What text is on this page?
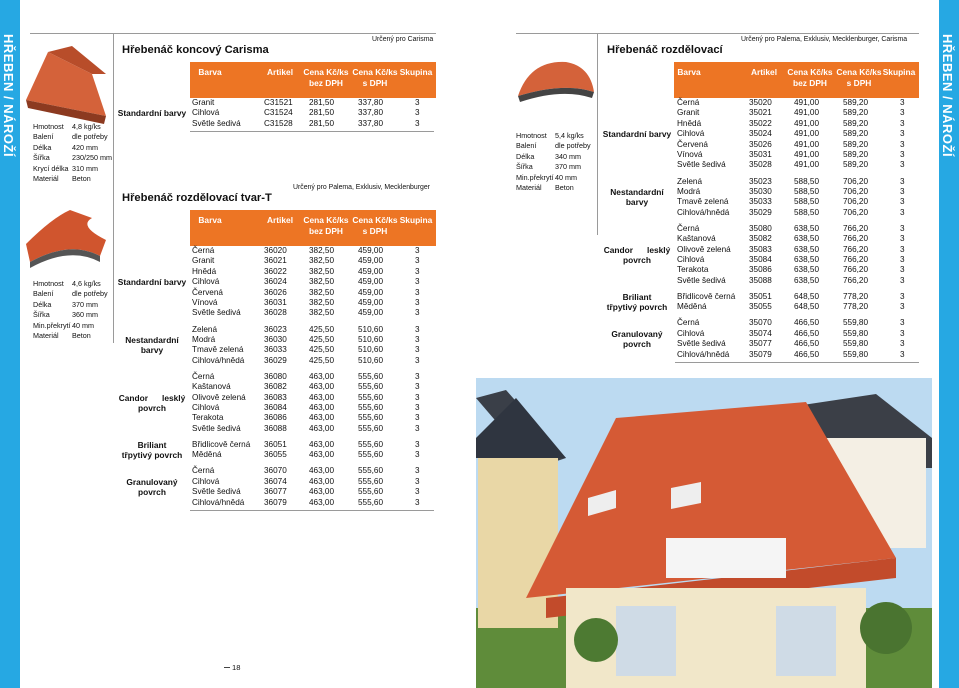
HŘEBEN / NÁROŽÍ	HŘEBEN / NÁROŽÍ
Hmotnost	4,8 kg/ks
Balení	dle potřeby
Délka	420 mm
Šířka	230/250 mm
Krycí délka 310 mm
Materiál	Beton
Hmotnost	4,6 kg/ks
Balení	dle potřeby
Délka	370 mm
Šířka	360 mm
Min.překrytí 40 mm
Materiál	Beton
Hmotnost	5,4 kg/ks
Balení	dle potřeby
Délka	340 mm
Šířka	370 mm
Min.překrytí 40 mm
Materiál	Beton
Určený pro Carisma
Hřebenáč koncový Carisma
Určený pro Palema, Exklusiv, Mecklenburger
Hřebenáč rozdělovací tvar-T
Určený pro Palema, Exklusiv, Mecklenburger, Carisma
Hřebenáč rozdělovací
Barva	Artikel	Cena Kč/ks
bez DPH
Cena Kč/ks
s DPH
Skupina
Barva	Artikel	Cena Kč/ks
bez DPH
Cena Kč/ks
s DPH
Skupina
Barva	Artikel	Cena Kč/ks
bez DPH
Cena Kč/ks
s DPH
Skupina
Granit	C31521 281,50	337,80	3
Cihlová	C31524 281,50	337,80	3
Světle šedivá	C31528 281,50	337,80	3
Černá	36020	382,50	459,00	3
Granit	36021	382,50	459,00	3
Hnědá	36022	382,50	459,00	3
Cihlová	36024	382,50	459,00	3
Červená	36026	382,50	459,00	3
Vínová	36031	382,50	459,00	3
Světle šedivá	36028	382,50	459,00	3
Zelená	36023	425,50	510,60	3
Modrá	36030	425,50	510,60	3
Tmavě zelená	36033	425,50	510,60	3
Cihlová/hnědá 36029	425,50	510,60	3
Černá	36080	463,00	555,60	3
Kaštanová	36082	463,00	555,60	3
Olivově zelená 36083	463,00	555,60	3
Cihlová	36084	463,00	555,60	3
Terakota	36086	463,00	555,60	3
Světle šedivá	36088	463,00	555,60	3
Břidlicově černá 36051	463,00	555,60	3
Měděná	36055	463,00	555,60	3
Černá	36070	463,00	555,60	3
Cihlová	36074	463,00	555,60	3
Světle šedivá	36077	463,00	555,60	3
Cihlová/hnědá 36079	463,00	555,60	3
Černá	35020	491,00	589,20	3
Granit	35021	491,00	589,20	3
Hnědá	35022	491,00	589,20	3
Cihlová	35024	491,00	589,20	3
Červená	35026	491,00	589,20	3
Vínová	35031	491,00	589,20	3
Světle šedivá	35028	491,00	589,20	3
Zelená	35023	588,50	706,20	3
Modrá	35030	588,50	706,20	3
Tmavě zelená	35033	588,50	706,20	3
Cihlová/hnědá 35029	588,50	706,20	3
Černá	35080	638,50	766,20	3
Kaštanová	35082	638,50	766,20	3
Olivově zelená 35083	638,50	766,20	3
Cihlová	35084	638,50	766,20	3
Terakota	35086	638,50	766,20	3
Světle šedivá	35088	638,50	766,20	3
Břidlicově černá 35051	648,50	778,20	3
Měděná	35055	648,50	778,20	3
Černá	35070	466,50	559,80	3
Cihlová	35074	466,50	559,80	3
Světle šedivá	35077	466,50	559,80	3
Cihlová/hnědá 35079	466,50	559,80	3
18
Standardní barvy
Standardní barvy
Nestandardní
barvy
Candor      lesklý
povrch
Briliant
třpytivý povrch
Granulovaný
povrch
Standardní barvy
Nestandardní
barvy
Candor      lesklý
povrch
Briliant
třpytivý povrch
Granulovaný
povrch
